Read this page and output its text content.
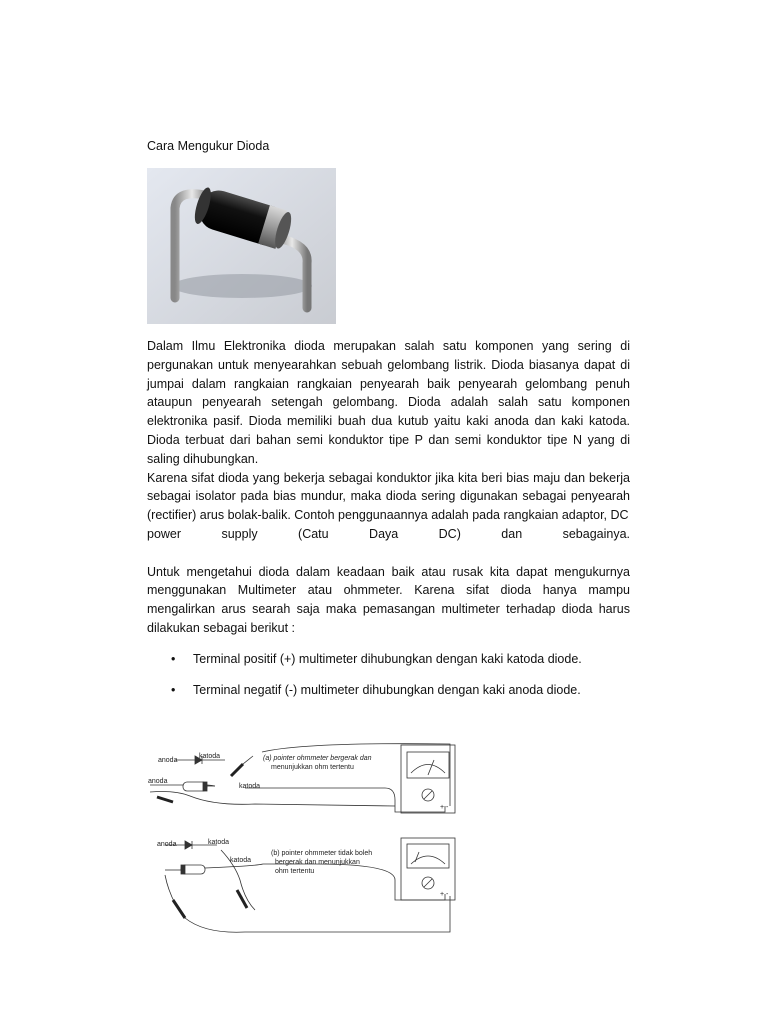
Cara Mengukur Dioda

Dalam Ilmu Elektronika dioda merupakan salah satu komponen yang sering di pergunakan untuk menyearahkan sebuah gelombang listrik. Dioda biasanya dapat di jumpai dalam rangkaian rangkaian penyearah baik penyearah gelombang penuh ataupun penyearah setengah gelombang. Dioda adalah salah satu komponen elektronika pasif. Dioda memiliki buah dua kutub yaitu kaki anoda dan kaki katoda. Dioda terbuat dari bahan semi konduktor tipe P dan semi konduktor tipe N yang di saling dihubungkan.

Karena sifat dioda yang bekerja sebagai konduktor jika kita beri bias maju dan bekerja sebagai isolator pada bias mundur, maka dioda sering digunakan sebagai penyearah (rectifier) arus bolak-balik. Contoh penggunaannya adalah pada rangkaian adaptor, DC

power supply (Catu Daya DC) dan sebagainya.

Untuk mengetahui dioda dalam keadaan baik atau rusak kita dapat mengukurnya menggunakan Multimeter atau ohmmeter. Karena sifat dioda hanya mampu mengalirkan arus searah saja maka pemasangan multimeter terhadap dioda harus dilakukan sebagai berikut :

• Terminal positif (+) multimeter dihubungkan dengan kaki katoda diode.
• Terminal negatif (-) multimeter dihubungkan dengan kaki anoda diode.
anoda
katoda
anoda
katoda
(a) pointer ohmmeter bergerak dan
menunjukkan ohm tertentu
+ -
anoda	katoda
katoda
(b) pointer ohmmeter tidak boleh
bergerak dan menunjukkan
ohm tertentu
+ -
